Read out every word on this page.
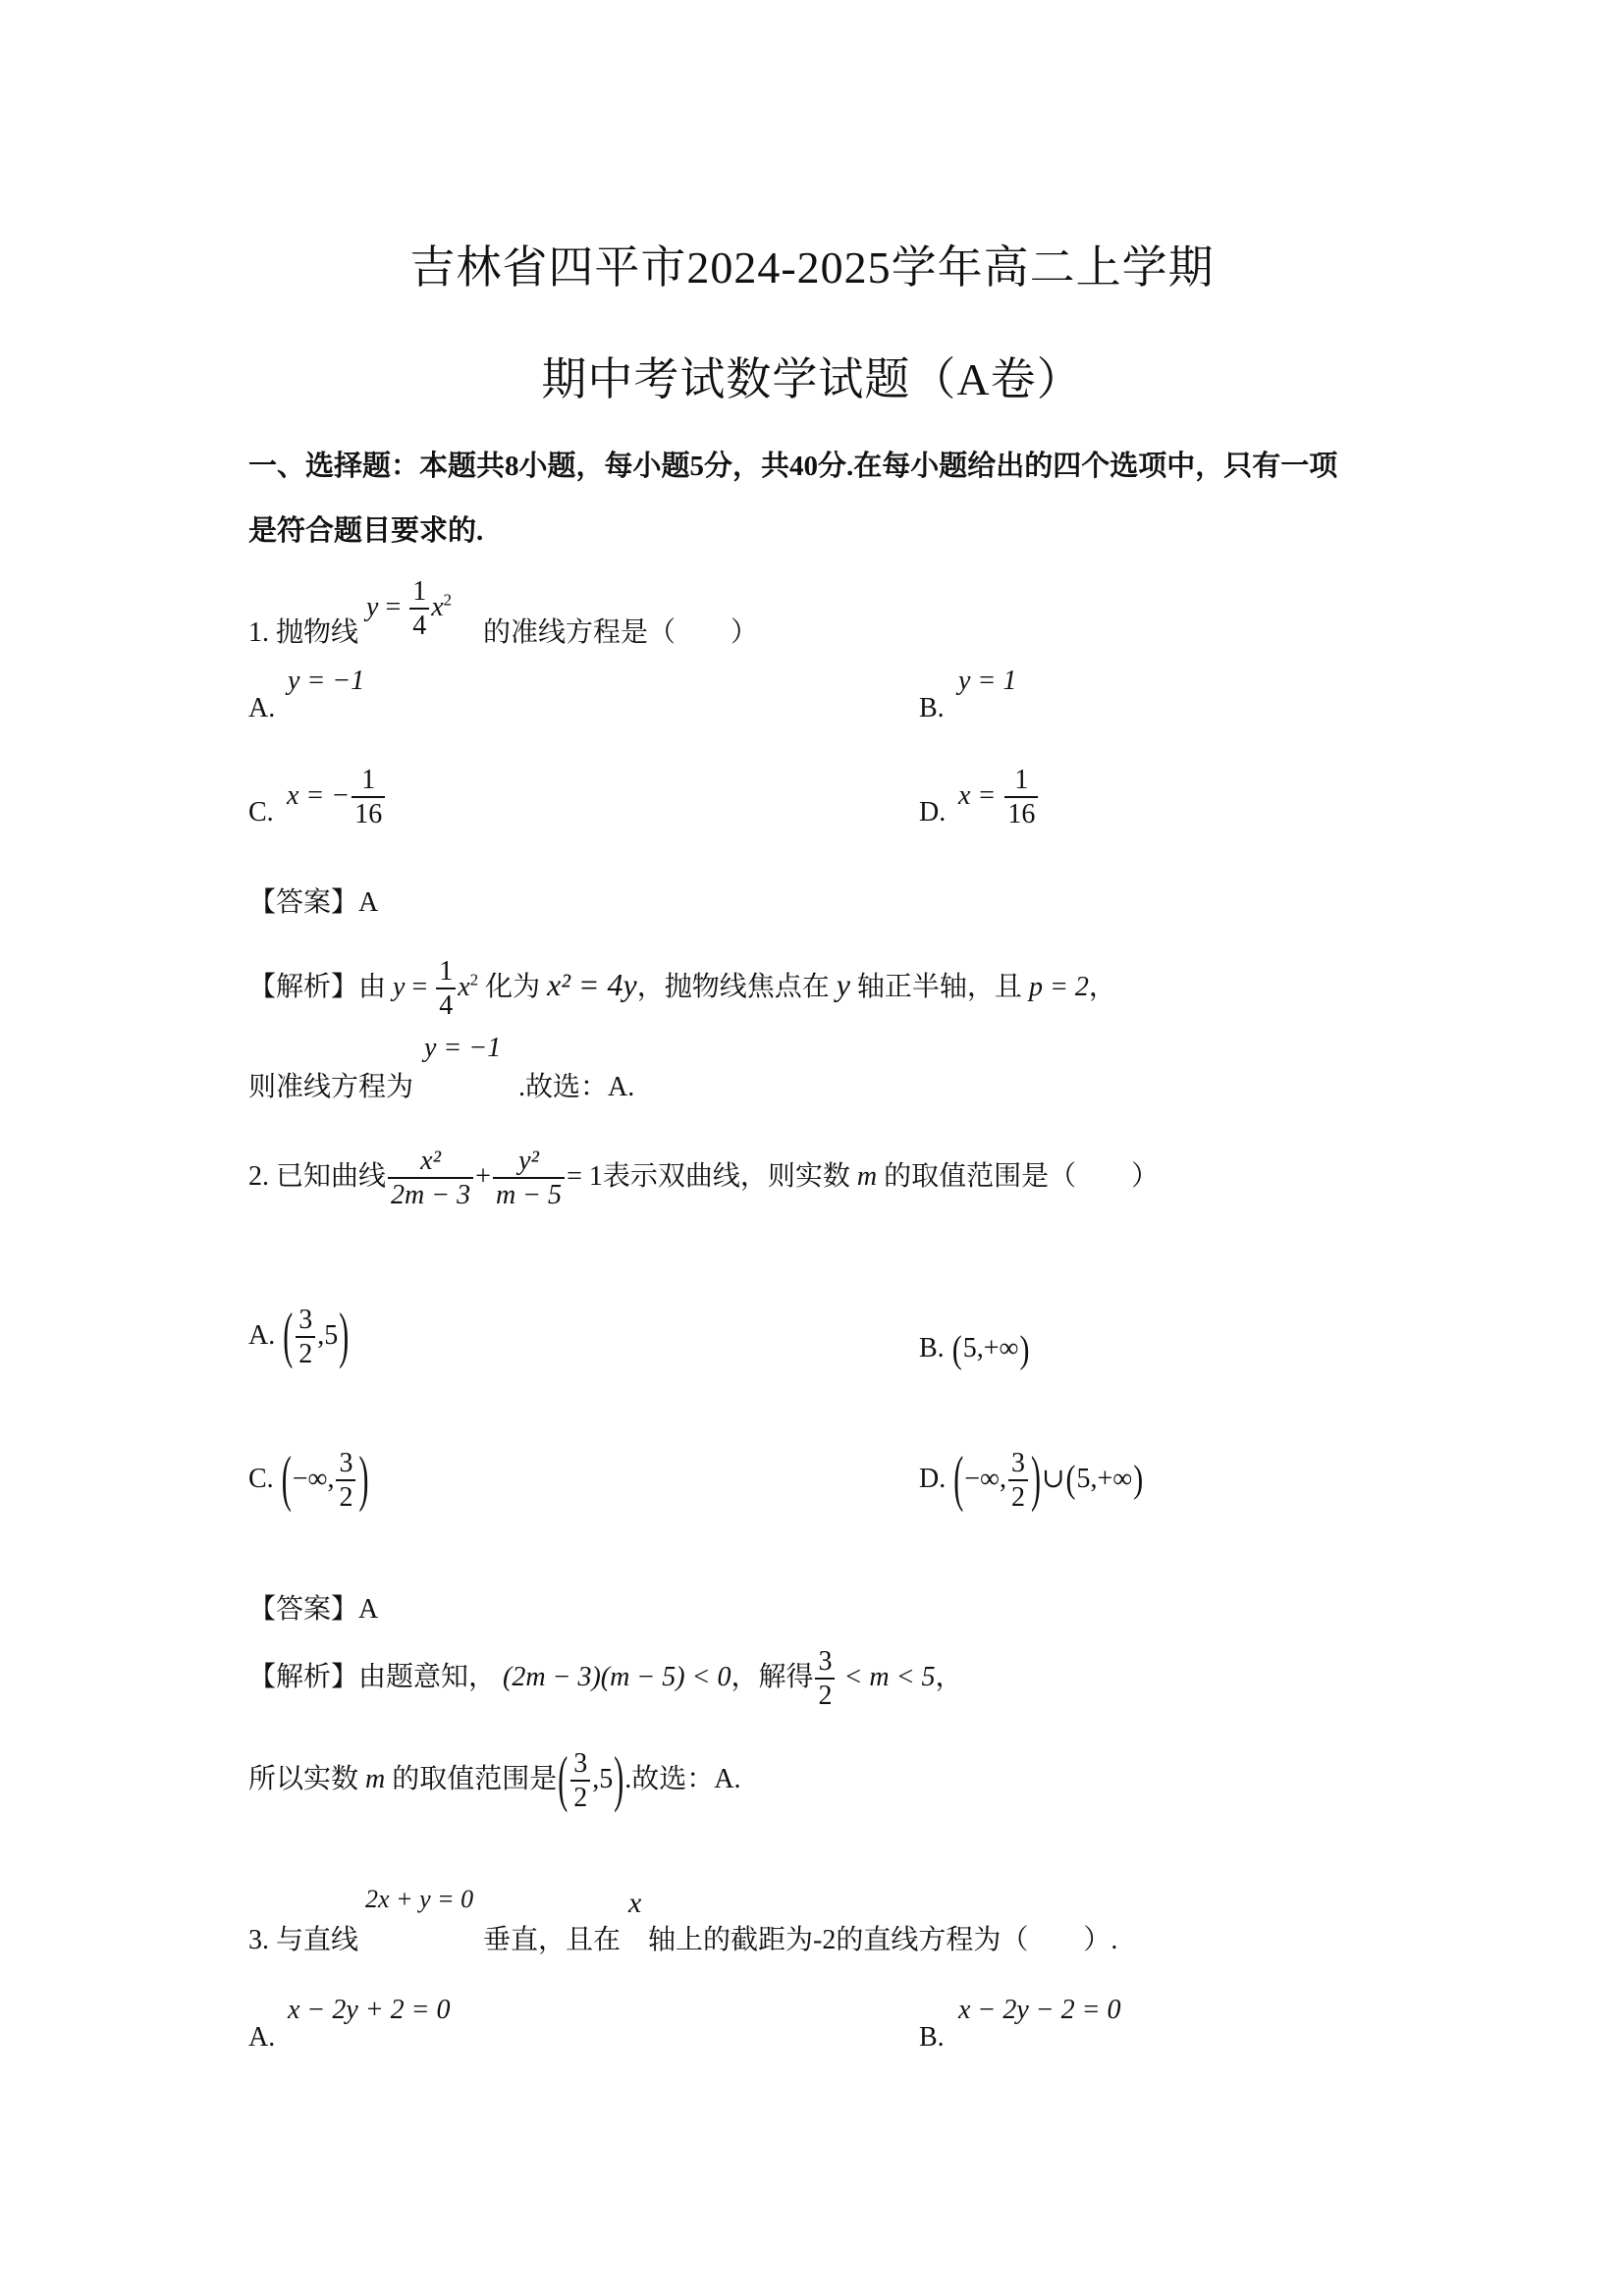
吉林省四平市2024-2025学年高二上学期
期中考试数学试题（A卷）
一、选择题：本题共8小题，每小题5分，共40分.在每小题给出的四个选项中，只有一项
是符合题目要求的.
1. 抛物线
$y = \frac{1}{4} x^2$
的准线方程是（　　）
A.
y = −1
B.
y = 1
C.
x = − $\frac{1}{16}$	D.
$x = \frac{1}{16}$
【答案】A
【解析】由 $y = \frac{1}{4} x^2$ 化为 x² = 4y，抛物线焦点在 y 轴正半轴，且 p = 2，
则准线方程为
y = −1
.故选：A.
2. 已知曲线 $\frac{\text{x²}}{2m - 3} + \frac{\text{y²}}{m - 5} = 1$表示双曲线，则实数 m 的取值范围是（　　）
A. ( $\frac{3}{2} ,5$)	B. (5,+∞)
C. (−∞, $\frac{3}{2}$ )	D. (−∞, $\frac{3}{2}$ )∪(5,+∞)
【答案】A
【解析】由题意知， (2m − 3)(m − 5) < 0，解得 $\frac{3}{2} < m < 5$，
所以实数 m 的取值范围是( $\frac{3}{2} ,5$).故选：A.
3. 与直线
2x + y = 0
垂直，且在
x
轴上的截距为-2的直线方程为（　　）.
A.
x − 2y + 2 = 0
B.
x − 2y − 2 = 0
